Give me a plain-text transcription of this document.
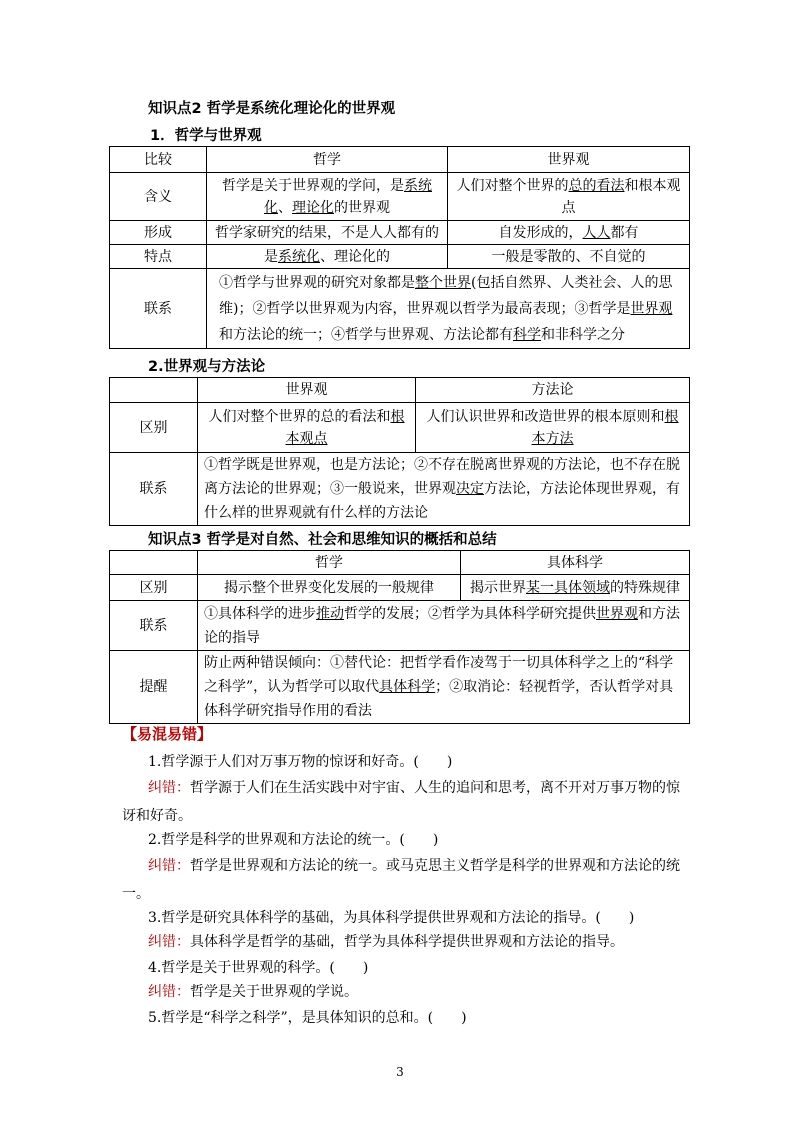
知识点2 哲学是系统化理论化的世界观
1．哲学与世界观
比较	哲学	世界观
含义	哲学是关于世界观的学问，是系统化、理论化的世界观	人们对整个世界的总的看法和根本观点
形成	哲学家研究的结果，不是人人都有的	自发形成的，人人都有
特点	是系统化、理论化的	一般是零散的、不自觉的
联系	①哲学与世界观的研究对象都是整个世界(包括自然界、人类社会、人的思维)；②哲学以世界观为内容，世界观以哲学为最高表现；③哲学是世界观和方法论的统一；④哲学与世界观、方法论都有科学和非科学之分	
2.世界观与方法论
	世界观	方法论
区别	人们对整个世界的总的看法和根本观点	人们认识世界和改造世界的根本原则和根本方法
联系	①哲学既是世界观，也是方法论；②不存在脱离世界观的方法论，也不存在脱离方法论的世界观；③一般说来，世界观决定方法论，方法论体现世界观，有什么样的世界观就有什么样的方法论	
知识点3 哲学是对自然、社会和思维知识的概括和总结
	哲学	具体科学
区别	揭示整个世界变化发展的一般规律	揭示世界某一具体领域的特殊规律
联系	①具体科学的进步推动哲学的发展；②哲学为具体科学研究提供世界观和方法论的指导	
提醒	防止两种错误倾向：①替代论：把哲学看作凌驾于一切具体科学之上的“科学之科学”，认为哲学可以取代具体科学；②取消论：轻视哲学，否认哲学对具体科学研究指导作用的看法	
【易混易错】
1.哲学源于人们对万事万物的惊讶和好奇。(　　)
纠错：哲学源于人们在生活实践中对宇宙、人生的追问和思考，离不开对万事万物的惊讶和好奇。
2.哲学是科学的世界观和方法论的统一。(　　)
纠错：哲学是世界观和方法论的统一。或马克思主义哲学是科学的世界观和方法论的统一。
3.哲学是研究具体科学的基础，为具体科学提供世界观和方法论的指导。(　　)
纠错：具体科学是哲学的基础，哲学为具体科学提供世界观和方法论的指导。
4.哲学是关于世界观的科学。(　　)
纠错：哲学是关于世界观的学说。
5.哲学是“科学之科学”，是具体知识的总和。(　　)
3
